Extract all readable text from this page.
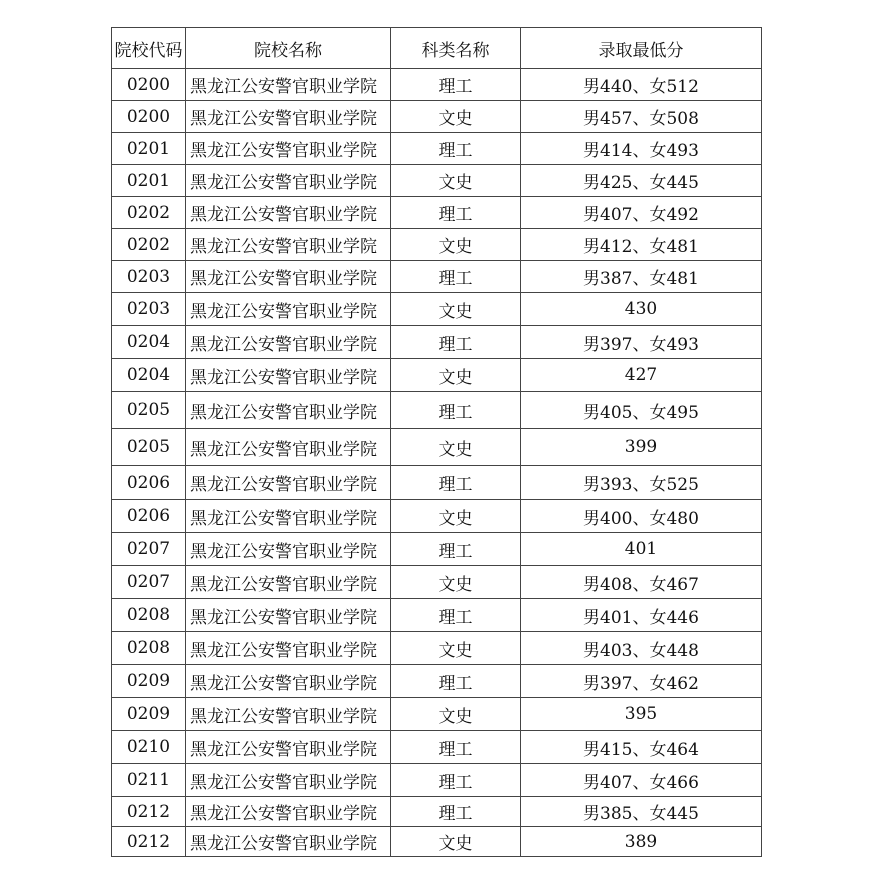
院校代码	院校名称	科类名称	录取最低分
0200	黑龙江公安警官职业学院	理工	男440、女512
0200	黑龙江公安警官职业学院	文史	男457、女508
0201	黑龙江公安警官职业学院	理工	男414、女493
0201	黑龙江公安警官职业学院	文史	男425、女445
0202	黑龙江公安警官职业学院	理工	男407、女492
0202	黑龙江公安警官职业学院	文史	男412、女481
0203	黑龙江公安警官职业学院	理工	男387、女481
0203	黑龙江公安警官职业学院	文史	430
0204	黑龙江公安警官职业学院	理工	男397、女493
0204	黑龙江公安警官职业学院	文史	427
0205	黑龙江公安警官职业学院	理工	男405、女495
0205	黑龙江公安警官职业学院	文史	399
0206	黑龙江公安警官职业学院	理工	男393、女525
0206	黑龙江公安警官职业学院	文史	男400、女480
0207	黑龙江公安警官职业学院	理工	401
0207	黑龙江公安警官职业学院	文史	男408、女467
0208	黑龙江公安警官职业学院	理工	男401、女446
0208	黑龙江公安警官职业学院	文史	男403、女448
0209	黑龙江公安警官职业学院	理工	男397、女462
0209	黑龙江公安警官职业学院	文史	395
0210	黑龙江公安警官职业学院	理工	男415、女464
0211	黑龙江公安警官职业学院	理工	男407、女466
0212	黑龙江公安警官职业学院	理工	男385、女445
0212	黑龙江公安警官职业学院	文史	389
